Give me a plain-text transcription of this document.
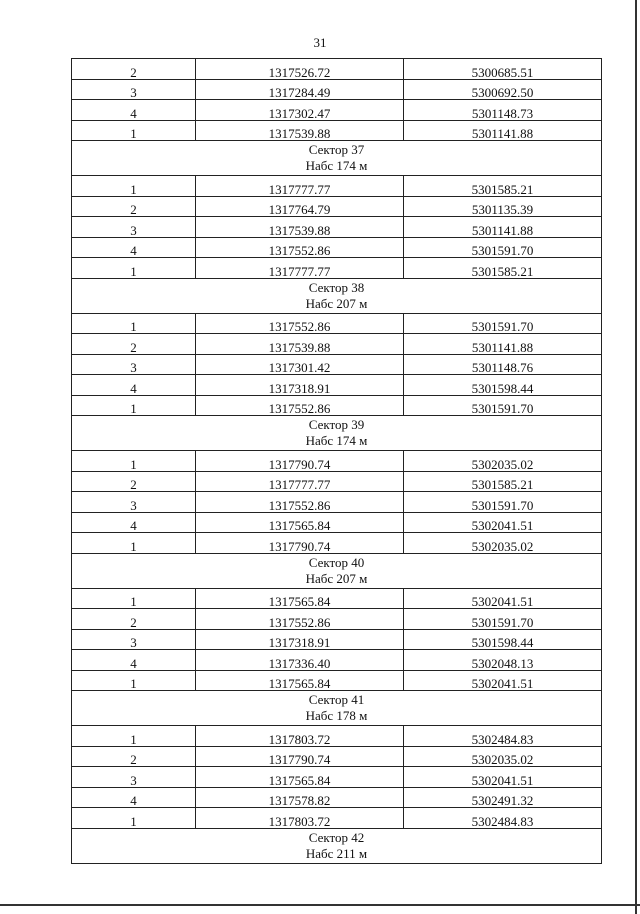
31
2	1317526.72	5300685.51
3	1317284.49	5300692.50
4	1317302.47	5301148.73
1	1317539.88	5301141.88

Сектор 37
Набс 174 м		

1	1317777.77	5301585.21
2	1317764.79	5301135.39
3	1317539.88	5301141.88
4	1317552.86	5301591.70
1	1317777.77	5301585.21

Сектор 38
Набс 207 м		

1	1317552.86	5301591.70
2	1317539.88	5301141.88
3	1317301.42	5301148.76
4	1317318.91	5301598.44
1	1317552.86	5301591.70

Сектор 39
Набс 174 м		

1	1317790.74	5302035.02
2	1317777.77	5301585.21
3	1317552.86	5301591.70
4	1317565.84	5302041.51
1	1317790.74	5302035.02

Сектор 40
Набс 207 м		

1	1317565.84	5302041.51
2	1317552.86	5301591.70
3	1317318.91	5301598.44
4	1317336.40	5302048.13
1	1317565.84	5302041.51

Сектор 41
Набс 178 м		

1	1317803.72	5302484.83
2	1317790.74	5302035.02
3	1317565.84	5302041.51
4	1317578.82	5302491.32
1	1317803.72	5302484.83

Сектор 42
Набс 211 м		
